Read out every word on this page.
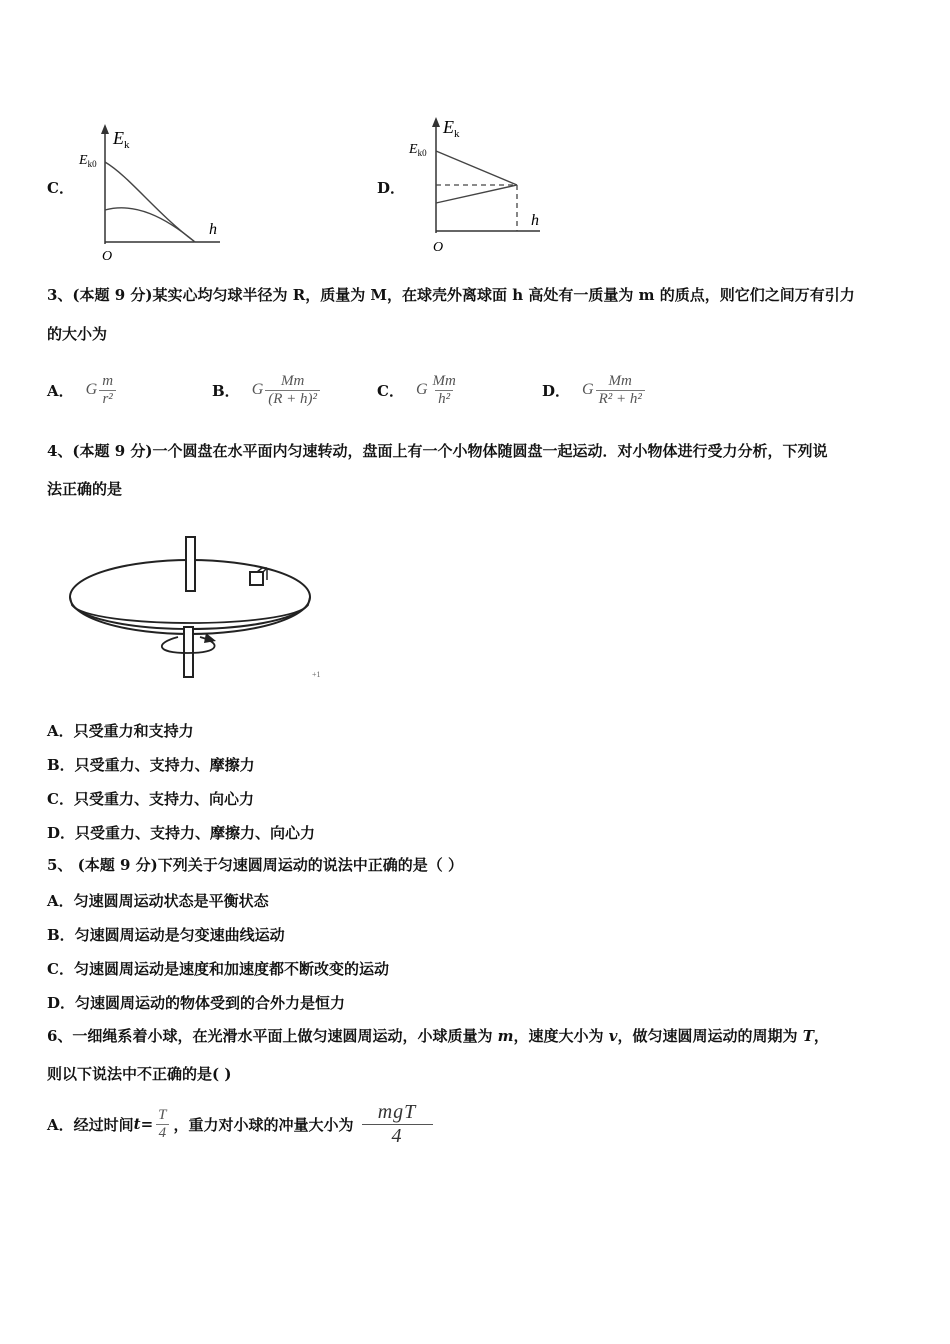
C．
$E_k$
$E_{k0}$
h
O
D．
$E_k$
$E_{k0}$
h
O
3、(本题 9 分)某实心均匀球半径为 R，质量为 M，在球壳外离球面 h 高处有一质量为 m 的质点，则它们之间万有引力
的大小为
A． G $\frac{m}{\text{r²}}$	B． G $\frac{Mm}{\text{(R + h)²}}$	C． G $\frac{Mm}{\text{h²}}$	D． G $\frac{Mm}{\text{R² + h²}}$
4、(本题 9 分)一个圆盘在水平面内匀速转动，盘面上有一个小物体随圆盘一起运动．对小物体进行受力分析，下列说
法正确的是
+1
A．只受重力和支持力
B．只受重力、支持力、摩擦力
C．只受重力、支持力、向心力
D．只受重力、支持力、摩擦力、向心力
5、 (本题 9 分)下列关于匀速圆周运动的说法中正确的是（ ）
A．匀速圆周运动状态是平衡状态
B．匀速圆周运动是匀变速曲线运动
C．匀速圆周运动是速度和加速度都不断改变的运动
D．匀速圆周运动的物体受到的合外力是恒力
6、一细绳系着小球，在光滑水平面上做匀速圆周运动，小球质量为 m，速度大小为 v，做匀速圆周运动的周期为 T，
则以下说法中不正确的是( )
A．经过时间 $t= \frac{T}{4}$ ，重力对小球的冲量大小为 $\frac{\text{mgT}}{4}$
